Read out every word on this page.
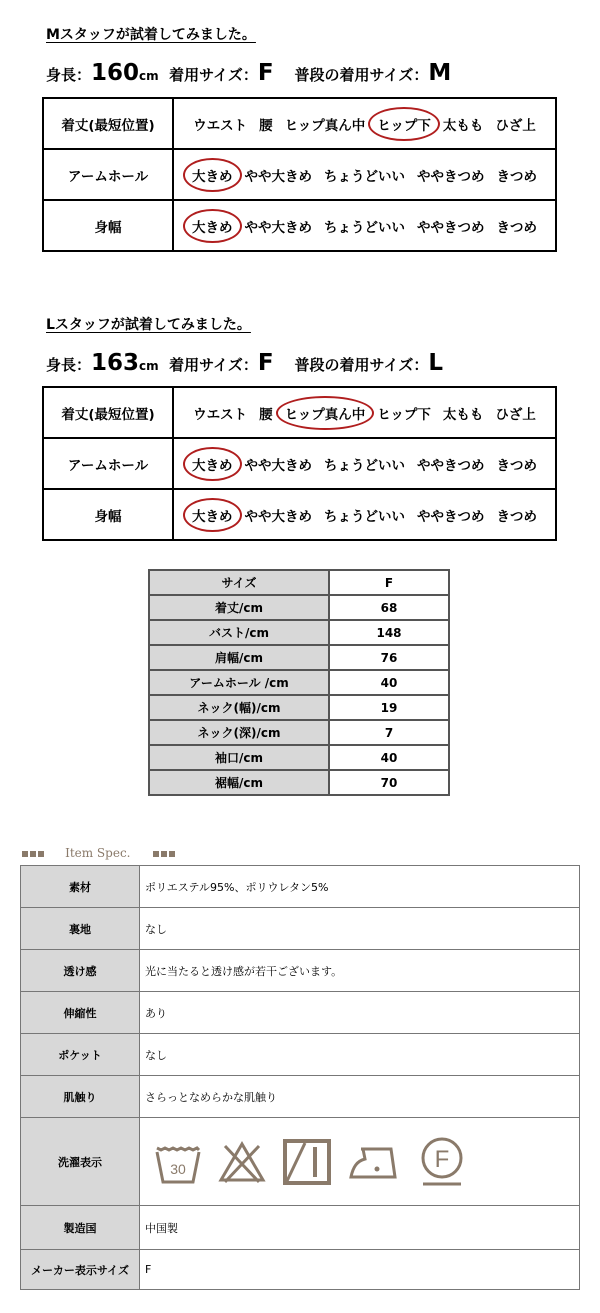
Mスタッフが試着してみました。
身長：160cm 着用サイズ：F 普段の着用サイズ：M
着丈(最短位置)	ウエスト 腰 ヒップ真ん中 ヒップ下 太もも ひざ上
アームホール	大きめ やや大きめ ちょうどいい ややきつめ きつめ
身幅	大きめ やや大きめ ちょうどいい ややきつめ きつめ
Lスタッフが試着してみました。
身長：163cm 着用サイズ：F 普段の着用サイズ：L
着丈(最短位置)	ウエスト 腰 ヒップ真ん中 ヒップ下 太もも ひざ上
アームホール	大きめ やや大きめ ちょうどいい ややきつめ きつめ
身幅	大きめ やや大きめ ちょうどいい ややきつめ きつめ
サイズ	F
着丈/cm	68
バスト/cm	148
肩幅/cm	76
アームホール /cm	40
ネック(幅)/cm	19
ネック(深)/cm	7
袖口/cm	40
裾幅/cm	70
Item Spec.
素材	ポリエステル95%、ポリウレタン5%
裏地	なし
透け感	光に当たると透け感が若干ございます。
伸縮性	あり
ポケット	なし
肌触り	さらっとなめらかな肌触り
洗濯表示	30 F

製造国	中国製
メーカー表示サイズ	F
